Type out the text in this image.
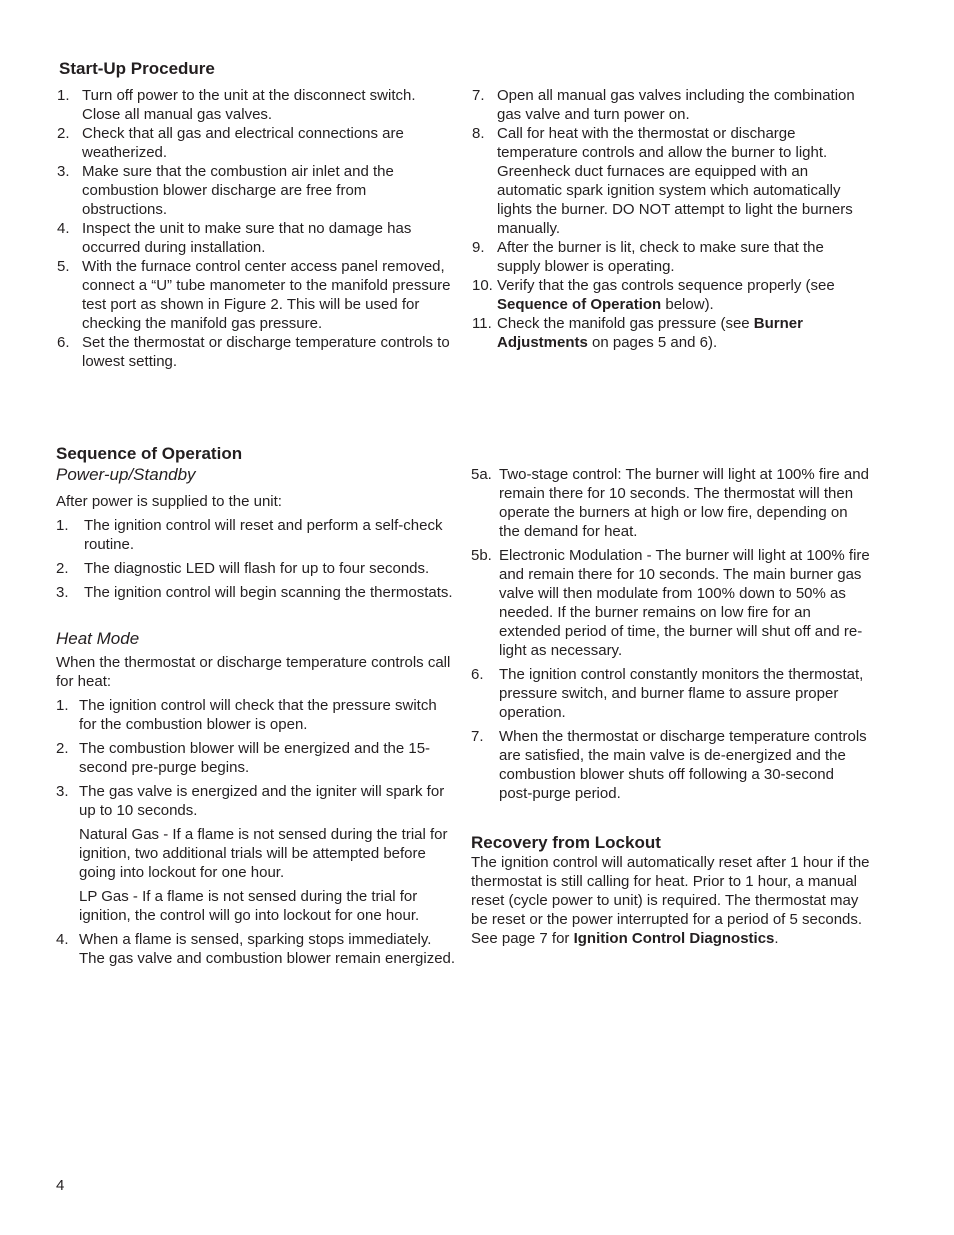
Start-Up Procedure
1. Turn off power to the unit at the disconnect switch. Close all manual gas valves.
2. Check that all gas and electrical connections are weatherized.
3. Make sure that the combustion air inlet and the combustion blower discharge are free from obstructions.
4. Inspect the unit to make sure that no damage has occurred during installation.
5. With the furnace control center access panel removed, connect a “U” tube manometer to the manifold pressure test port as shown in Figure 2. This will be used for checking the manifold gas pressure.
6. Set the thermostat or discharge temperature controls to lowest setting.
7. Open all manual gas valves including the combination gas valve and turn power on.
8. Call for heat with the thermostat or discharge temperature controls and allow the burner to light. Greenheck duct furnaces are equipped with an automatic spark ignition system which automatically lights the burner. DO NOT attempt to light the burners manually.
9. After the burner is lit, check to make sure that the supply blower is operating.
10. Verify that the gas controls sequence properly (see Sequence of Operation below).
11. Check the manifold gas pressure (see Burner Adjustments on pages 5 and 6).
Sequence of Operation
Power-up/Standby

After power is supplied to the unit:

1. The ignition control will reset and perform a self-check routine.
2. The diagnostic LED will flash for up to four seconds.
3. The ignition control will begin scanning the thermostats.
Heat Mode

When the thermostat or discharge temperature controls call for heat:

1. The ignition control will check that the pressure switch for the combustion blower is open.
2. The combustion blower will be energized and the 15-second pre-purge begins.
3. The gas valve is energized and the igniter will spark for up to 10 seconds.
Natural Gas - If a flame is not sensed during the trial for ignition, two additional trials will be attempted before going into lockout for one hour.
LP Gas - If a flame is not sensed during the trial for ignition, the control will go into lockout for one hour.
4. When a flame is sensed, sparking stops immediately. The gas valve and combustion blower remain energized.
5a. Two-stage control: The burner will light at 100% fire and remain there for 10 seconds. The thermostat will then operate the burners at high or low fire, depending on the demand for heat.
5b. Electronic Modulation - The burner will light at 100% fire and remain there for 10 seconds. The main burner gas valve will then modulate from 100% down to 50% as needed. If the burner remains on low fire for an extended period of time, the burner will shut off and re-light as necessary.
6. The ignition control constantly monitors the thermostat, pressure switch, and burner flame to assure proper operation.
7. When the thermostat or discharge temperature controls are satisfied, the main valve is de-energized and the combustion blower shuts off following a 30-second post-purge period.
Recovery from Lockout

The ignition control will automatically reset after 1 hour if the thermostat is still calling for heat. Prior to 1 hour, a manual reset (cycle power to unit) is required. The thermostat may be reset or the power interrupted for a period of 5 seconds. See page 7 for Ignition Control Diagnostics.

4
